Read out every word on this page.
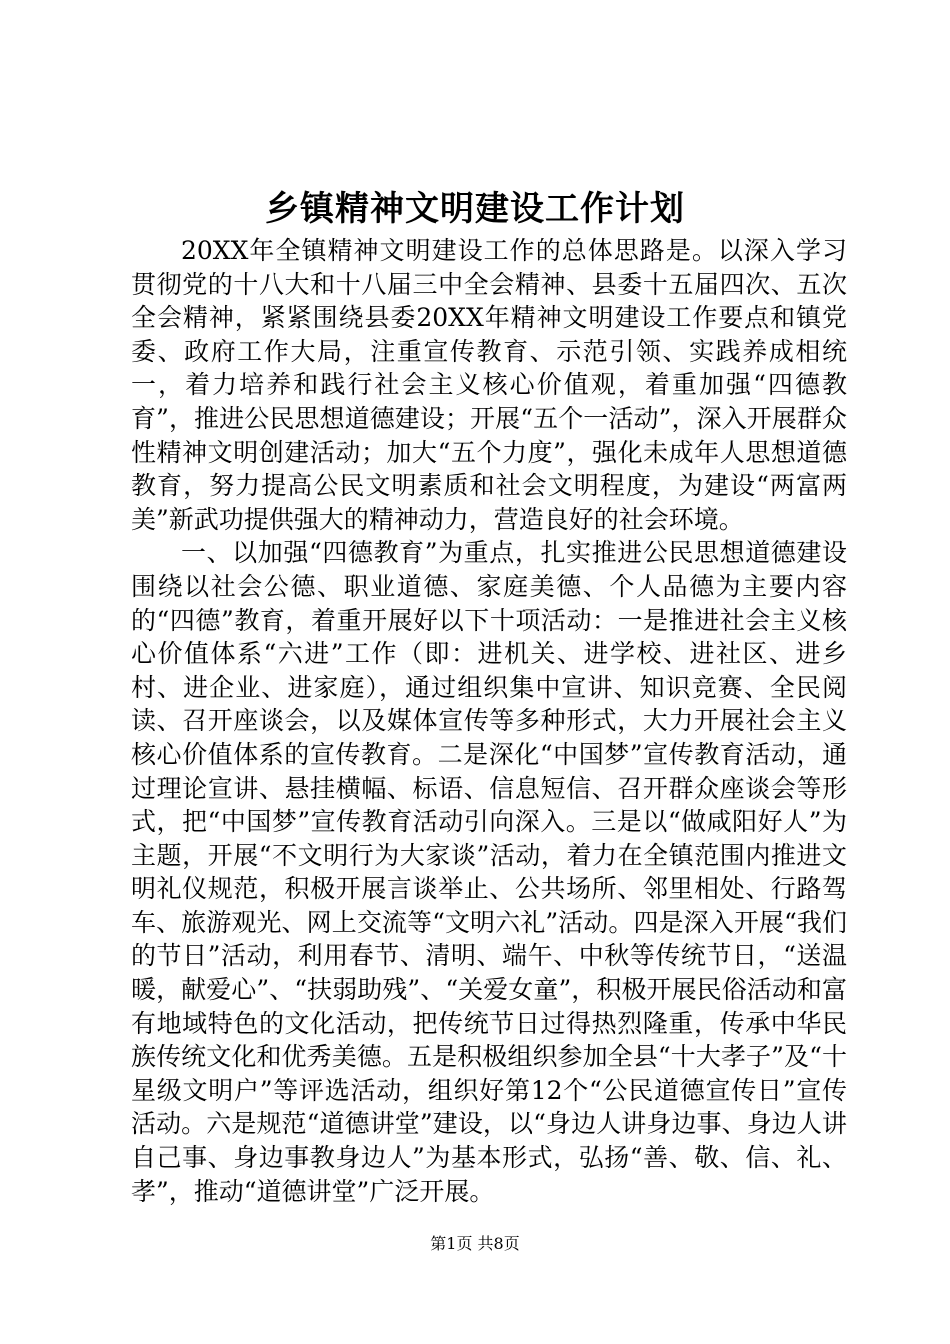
乡镇精神文明建设工作计划

20XX年全镇精神文明建设工作的总体思路是。以深入学习贯彻党的十八大和十八届三中全会精神、县委十五届四次、五次全会精神，紧紧围绕县委20XX年精神文明建设工作要点和镇党委、政府工作大局，注重宣传教育、示范引领、实践养成相统一，着力培养和践行社会主义核心价值观，着重加强“四德教育”，推进公民思想道德建设；开展“五个一活动”，深入开展群众性精神文明创建活动；加大“五个力度”，强化未成年人思想道德教育，努力提高公民文明素质和社会文明程度，为建设“两富两美”新武功提供强大的精神动力，营造良好的社会环境。

一、以加强“四德教育”为重点，扎实推进公民思想道德建设围绕以社会公德、职业道德、家庭美德、个人品德为主要内容的“四德”教育，着重开展好以下十项活动：一是推进社会主义核心价值体系“六进”工作（即：进机关、进学校、进社区、进乡村、进企业、进家庭），通过组织集中宣讲、知识竞赛、全民阅读、召开座谈会，以及媒体宣传等多种形式，大力开展社会主义核心价值体系的宣传教育。二是深化“中国梦”宣传教育活动，通过理论宣讲、悬挂横幅、标语、信息短信、召开群众座谈会等形式，把“中国梦”宣传教育活动引向深入。三是以“做咸阳好人”为主题，开展“不文明行为大家谈”活动，着力在全镇范围内推进文明礼仪规范，积极开展言谈举止、公共场所、邻里相处、行路驾车、旅游观光、网上交流等“文明六礼”活动。四是深入开展“我们的节日”活动，利用春节、清明、端午、中秋等传统节日，“送温暖，献爱心”、“扶弱助残”、“关爱女童”，积极开展民俗活动和富有地域特色的文化活动，把传统节日过得热烈隆重，传承中华民族传统文化和优秀美德。五是积极组织参加全县“十大孝子”及“十星级文明户”等评选活动，组织好第12个“公民道德宣传日”宣传活动。六是规范“道德讲堂”建设，以“身边人讲身边事、身边人讲自己事、身边事教身边人”为基本形式，弘扬“善、敬、信、礼、孝”，推动“道德讲堂”广泛开展。

第1页 共8页
